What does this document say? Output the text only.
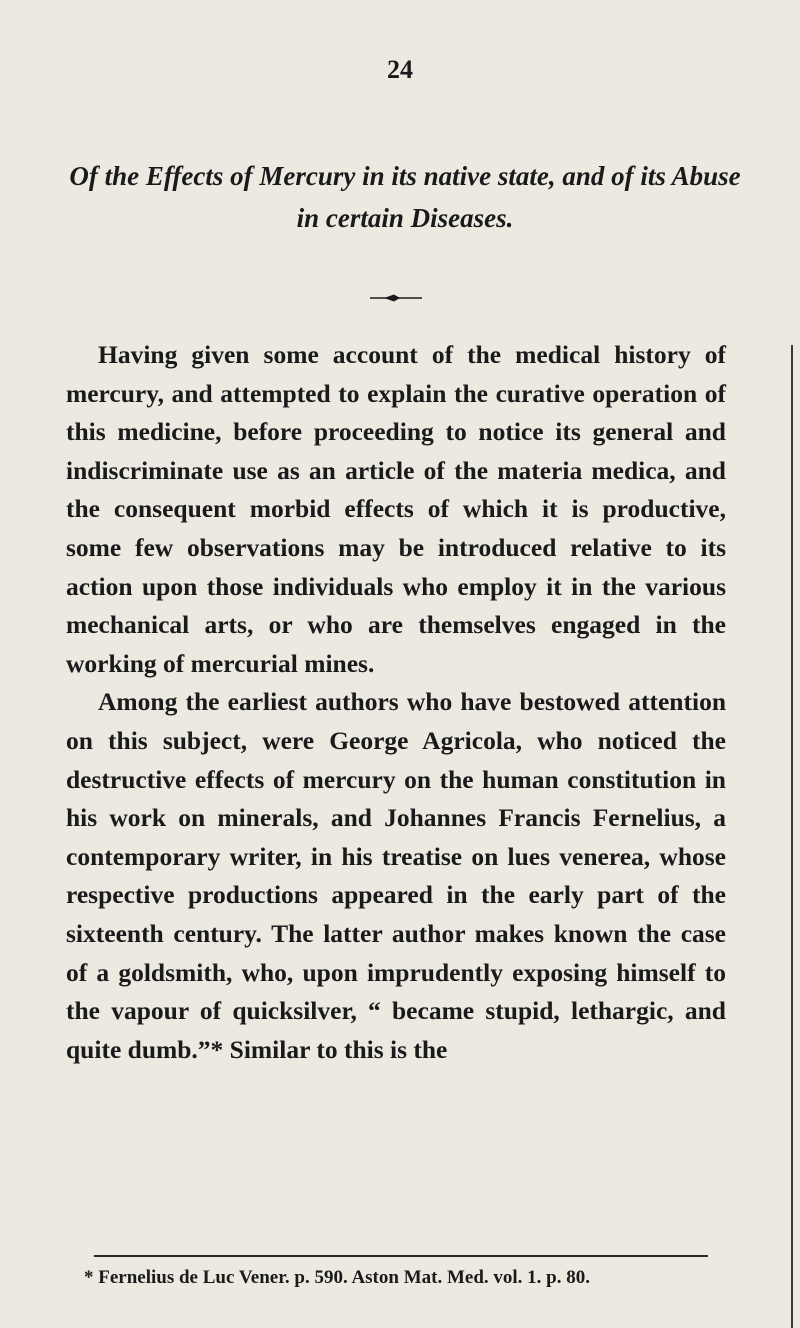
24
Of the Effects of Mercury in its native state, and of its Abuse in certain Diseases.

Having given some account of the medical history of mercury, and attempted to explain the curative operation of this medicine, before proceeding to notice its general and indiscriminate use as an article of the materia medica, and the consequent morbid effects of which it is productive, some few observations may be introduced relative to its action upon those individuals who employ it in the various mechanical arts, or who are themselves engaged in the working of mercurial mines.

Among the earliest authors who have bestowed attention on this subject, were George Agricola, who noticed the destructive effects of mercury on the human constitution in his work on minerals, and Johannes Francis Fernelius, a contemporary writer, in his treatise on lues venerea, whose respective productions appeared in the early part of the sixteenth century. The latter author makes known the case of a goldsmith, who, upon imprudently exposing himself to the vapour of quicksilver, “ became stupid, lethargic, and quite dumb.”* Similar to this is the

* Fernelius de Luc Vener. p. 590. Aston Mat. Med. vol. 1. p. 80.
